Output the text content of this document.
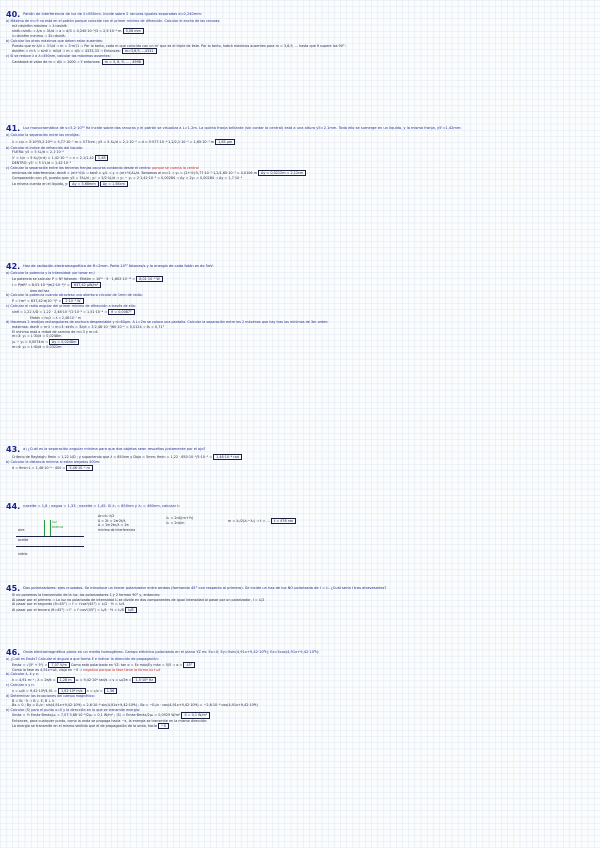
40. Patrón de interferencia de luz de λ=650nm. Incide sobre 2 ranuras iguales separadas d=0,240mm:
a) Máximo de m=9 no está en el patrón porque coincide con el primer mínimo de difracción. Calcular el ancho de las ranuras:
mλ=dsinθm máximo ⇒ λ=asinθ₁
sinθ₁=sinθ₃ ⇒ λ/a = 3λ/d ⇒ a = d/3 = 0,240·10⁻³/3 = 2,5·10⁻⁵ m 0,08 mm
λ=dsinθm mínimo ⇒ 3λ=dsinθ₃
b) Calcular los otros máximos que deben estar ausentes:
Puesto que m·λ/d = 3·λ/d ⇒ m = 3·m'/1 ⇒ Por lo tanto, cada m que coincida con un m' que es el triple de éste. Por lo tanto, habrá máximos ausentes para m = 3,6,9, ... hasta que θ supere los 90°:
dsinθm = m·λ ⇒ sinθ = mλ/d ⇒ m = d/λ = 4333,33 ⇒ Entonces: m=3,6,9,...,4332
c) Si se reduce λ a λ=450nm, calcular los máximos ausentes:
Cambiará el valor de m = d/λ = 1000 ⇒ Y entonces: m = 3, 6, 9, ... , 4998
41. Luz monocromática de ν=5,2·10¹⁴ Hz incide sobre dos ranuras y el patrón se visualiza a L=1,2m. La quinta franja brillante (sin contar la central) está a una altura y5=2,1mm. Todo ello se sumerge en un líquido, y la misma franja, y5'=1,42mm:
a) Calcular la separación entre las rendijas:
λ = c/ν = 3·10⁸/5,2·10¹⁴ = 5,77·10⁻⁷ m = 577nm ; y5 = 5 λL/d = 2,1·10⁻³ ⇒ d = 5·577·10⁻⁹·1,2/2,1·10⁻³ = 1,65·10⁻³ m 1,65 μm
b) Calcular el índice de refracción del líquido:
FUERA: y5 = 5 λL/d = 2,1·10⁻³
λ' = λ/n ⇒ 5·λL/(n·d) = 1,42·10⁻³ ⇒ n = 2,1/1,42 1,48
DENTRO: y5' = 5 λ'L/d = 1,42·10⁻³
c) Calcular la separación entre las terceras franjas oscuras contando desde el centro: porque se cuenta la central
mínimos de interferencia: dsinθ = (m+½)λ ⇒ tanθ ≈ y/L ⇒ y = (m+½)λL/d. Tomamos el m=2 ⇒ y₂ = (2+½)·5,77·10⁻⁷·1,2/1,65·10⁻³ = 0,0106 m Δy = 0,0212m = 2,12cm
Comparación con y5, puesto que: y5 = 5λL/d ; y₂' = 5/2·λL/d ⇒ y₂ − y₅ = 2·1,42·10⁻³ = 0,00284 ⇒ Δy = 2y₂ = 0,00284 ⇒ Δy = 1,7·10⁻³
La misma cuenta en el líquido, y: Δy = 5,68mm Δy = 1,58cm
42. Haz de radiación electromagnética de R=2mm. Porta 10¹⁰ fotones/s y la energía de cada fotón es de 5eV:
a) Calcular la potencia y la intensidad: por tomar en J
La potencia se calcula: P = Nº fotones · Efotón = 10¹⁰ · 5 · 1,602·10⁻¹⁹ = 8,01·10⁻⁹ W
I = P/πR² = 8,01·10⁻⁹/π(2·10⁻³)² = 637,42 μW/m²
área del haz
b) Calcular la potencia cuando atraviesa una abertura circular de 1mm de radio:
P = I·πr² = 637,42·π(10⁻³)² = 2·10⁻⁹ W
c) Calcular el radio angular del primer mínimo de difracción a través de ella:
sinθ = 1,22 λ/D = 1,22 · 2,48·10⁻⁷/2·10⁻³ = 1,51·10⁻⁴ ⇒ θ = 0,0087°
Efotón = hc/λ ⇒ λ = 2,48·10⁻⁷ m
d) Hacemos 2 rendijas rectangulares de anchura despreciable y d=60μm. A L=2m se coloca una pantalla. Calcular la separación entre los 2 máximos que hay tras los mínimos de 3er orden:
máximos: dsinθ = m·λ ⇒ m=3: sinθ₃ = 3λ/d = 3·2,48·10⁻⁷/60·10⁻⁶ = 0,0124 ⇒ θ₃ = 0,71°
El mínimo está a mitad de camino de m=3 y m=4:
m=3: y₃ = L·3λ/d = 0,0248m
y₄ − y₃ = 0,0074m ⇒ Δy = 0,0248m
m=4: y₄ = L·4λ/d = 0,0322m
43. a) ¿Cuál es la separación angular mínima para que dos objetos sean resueltos justamente por el ojo?
Criterio de Rayleigh: θmin = 1,22 λ/D ; y suponiendo que λ = 650nm y Dojo = 5mm: θmin = 1,22 · 650·10⁻⁹/5·10⁻³ = 1,46·10⁻⁴ rad
b) Calcular la distancia mínima si están alejados 400m:
d = θmin·L = 1,46·10⁻⁴ · 400 = 5,46·10⁻² m
44. naceite = 1,8 ; nagua = 1,33 ; naceite = 1,45. Si λ₁ = 650nm y λ₂ = 460nm, calcular t:
Δn=t₀·λ/2
δ = 2t = 2π·2t/λ
Δ = 2π·2tn/λ = 2π
mínimo de interferencia
λ₁ = 2nt/(m+½)
λ₂ = 2nt/m	m = λ₂/2(λ₁−λ₂) ⇒ t = ... t = 476 nm
aire
luz
blanca
aceite
vidrio
45. Dos polarizadores: ejes cruzados. Se introduce un tercer polarizador entre ambos (formando 45° con respecto al primero). Se incide un haz de luz NO polarizada de I = I₀. ¿Cuál sería I tras atravesarlos?
Si no ponemos la transmisión de la luz, los polarizadores 1 y 2 forman 90° y, entonces:
Al pasar por el primero ⇒ La luz no polarizada de intensidad I₀ se divide en dos componentes de igual intensidad al pasar por un polarizador, I = I₀/2
Al pasar por el segundo (θ=45°) ⇒ I' = I·cos²(45°) = I₀/2 · ½ = I₀/4
Al pasar por el tercero (θ=45°) ⇒ I'' = I'·cos²(45°) = I₀/4 · ½ = I₀/8 I₀/8
46. Onda electromagnética plana en un medio homogéneo. Campo eléctrico polarizado en el plano YZ es: Ex=0; Ey=5sin(4,91x+9,42·10⁸t); Ez=5cos(4,91x+9,42·10⁸t):
a) ¿Cuál es Emáx? Calcular el ángulo α que forma E e indicar la dirección de propagación:
Emáx = √(5² + 5²) = 7,07 V/m Como está polarizado en YZ: tan α = Ez máx/Ey máx = 5/5 ⇒ α = 45°
Como la fase es 4,91x+ωt, viaja en −x̂ ⇒ negativo porque la fase tiene la forma kx+ωt
b) Calcular λ, k y ν:
k = 4,91 m⁻¹ ; λ = 2π/k = 1,28 m ω = 9,42·10⁸ rad/s ⇒ ν = ω/2π = 1,5·10⁸ Hz
c) Calcular v y n:
v = ω/k = 9,42·10⁸/4,91 = 1,92·10⁸ m/s n = c/v = 1,56
d) Determinar las ecuaciones del campo magnético:
B = B₀ · k̂ ⇒ B ⊥ E, B ⊥ k
Bx = 0 ; By = E₀/v · sin(4,91x+9,42·10⁸t) = 2,6·10⁻⁸ sin(4,91x+9,42·10⁸t) ; Bz = −E₀/v · cos(4,91x+9,42·10⁸t) = −2,6·10⁻⁸ cos(4,91x+9,42·10⁸t)
e) Calcular ⟨S⟩ para el punto x=0 y la dirección en la que se transmite energía:
Smáx = ½ Emáx·Bmáx/μ₀ = 7,07·3,68·10⁻⁸/2μ₀ = 0,1 W/m² ; ⟨S⟩ = Emáx·Bmáx/2μ₀ = 0,0929 W/m² S = 0,1 W/m²
Entonces, para cualquier punto, como la onda se propaga hacia −x, la energía se transmite en la misma dirección:
La energía se transmite en el mismo sentido que el de propagación de la onda, hacia −x̂
